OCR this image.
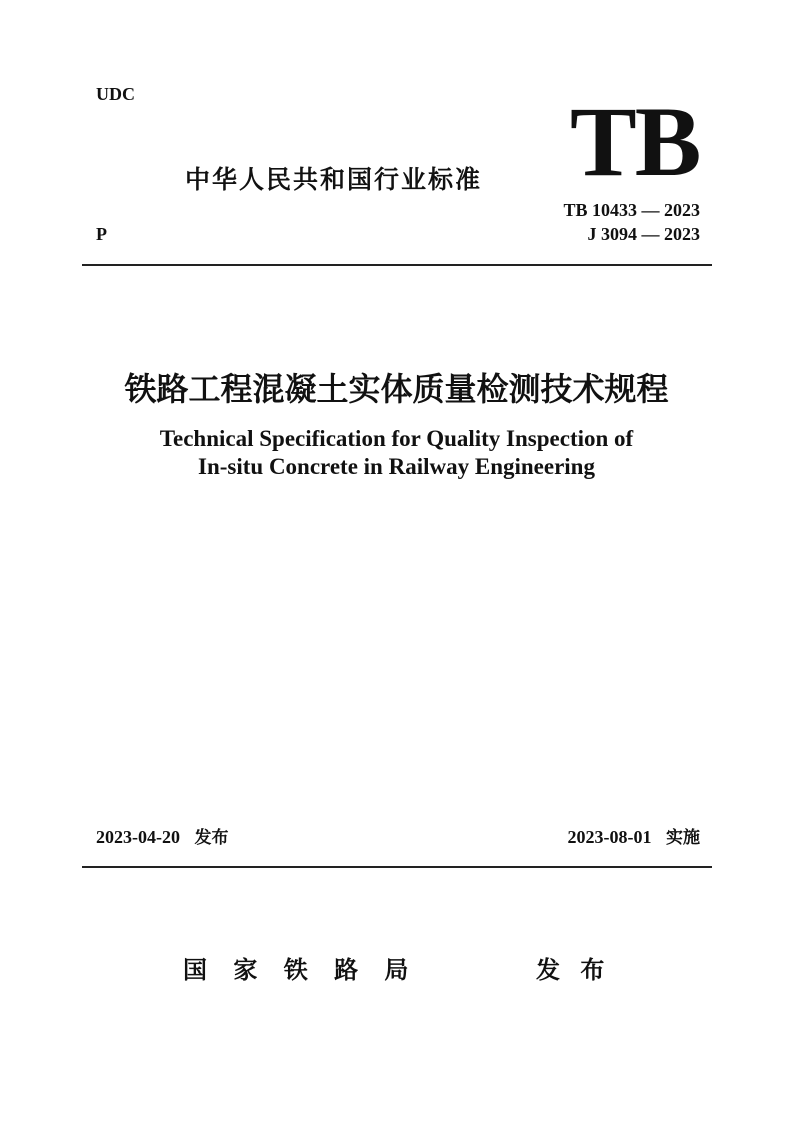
UDC	TB
中华人民共和国行业标准
TB 10433 — 2023
P	J 3094 — 2023
铁路工程混凝土实体质量检测技术规程
Technical Specification for Quality Inspection of
In-situ Concrete in Railway Engineering
2023-04-20 发布	2023-08-01 实施
国 家 铁 路 局	发 布
